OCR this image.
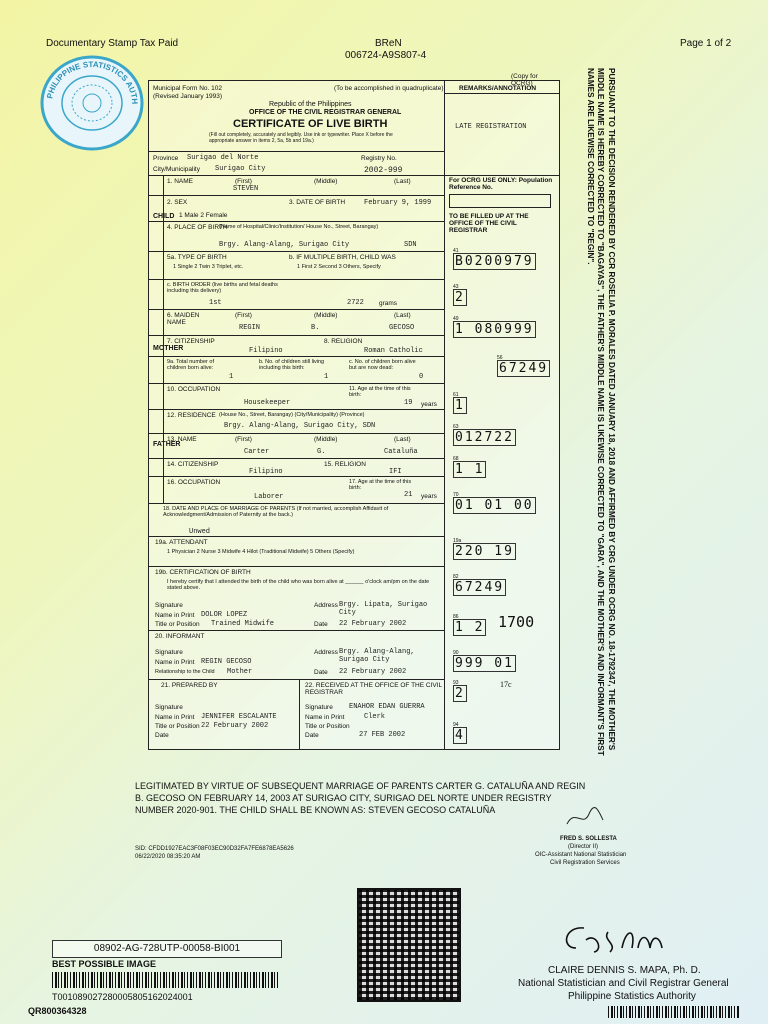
Documentary Stamp Tax Paid	BReN
006724-A9S807-4
Page 1 of 2
PHILIPPINE STATISTICS AUTH
Municipal Form No. 102
(Revised January 1993)
(To be accomplished in quadruplicate)
(Copy for OCRG)
Republic of the Philippines
OFFICE OF THE CIVIL REGISTRAR GENERAL
CERTIFICATE OF LIVE BIRTH
(Fill out completely, accurately and legibly. Use ink or typewriter. Place X before the appropriate answer in items 2, 5a, 5b and 19a.)
REMARKS/ANNOTATION
LATE REGISTRATION
Province Surigao del Norte
City/Municipality Surigao City
Registry No.
2002-999
For OCRG USE ONLY: Population Reference No.
TO BE FILLED UP AT THE OFFICE OF THE CIVIL REGISTRAR
CHILD
1. NAME	(First)	(Middle)	(Last)
STEVEN
2. SEX
1 Male 2 Female
3. DATE OF BIRTH	February 9, 1999
4. PLACE OF BIRTH
(Name of Hospital/Clinic/Institution/ House No., Street, Barangay)
Brgy. Alang-Alang, Surigao City	SDN
5a. TYPE OF BIRTH
1 Single 2 Twin 3 Triplet, etc.
b. IF MULTIPLE BIRTH, CHILD WAS
1 First 2 Second 3 Others, Specify
c. BIRTH ORDER (live births and fetal deaths including this delivery)
1st	2722 grams
MOTHER
6. MAIDEN NAME
(First)	(Middle)	(Last)
REGIN	B.	GECOSO
7. CITIZENSHIP
Filipino
8. RELIGION
Roman Catholic
9a. Total number of children born alive:
1
b. No. of children still living including this birth:
1
c. No. of children born alive but are now dead:
0
10. OCCUPATION
Housekeeper
11. Age at the time of this birth:
19 years
12. RESIDENCE (House No., Street, Barangay) (City/Municipality) (Province)
Brgy. Alang-Alang, Surigao City, SDN
FATHER
13. NAME	(First)	(Middle)	(Last)
Carter	G.	Cataluña
14. CITIZENSHIP
Filipino
15. RELIGION
IFI
16. OCCUPATION
Laborer
17. Age at the time of this birth:
21 years
18. DATE AND PLACE OF MARRIAGE OF PARENTS (If not married, accomplish Affidavit of Acknowledgment/Admission of Paternity at the back.)
Unwed
19a. ATTENDANT
1 Physician 2 Nurse 3 Midwife 4 Hilot (Traditional Midwife) 5 Others (Specify)
19b. CERTIFICATION OF BIRTH
I hereby certify that I attended the birth of the child who was born alive at ______ o'clock am/pm on the date stated above.
Signature
Name in Print DOLOR LOPEZ
Title or Position Trained Midwife
Address Brgy. Lipata, Surigao City
Date 22 February 2002
20. INFORMANT
Signature
Name in Print REGIN GECOSO
Relationship to the Child Mother
Address Brgy. Alang-Alang, Surigao City
Date 22 February 2002
21. PREPARED BY
Signature
Name in Print JENNIFER ESCALANTE
Title or Position
Date
22 February 2002
22. RECEIVED AT THE OFFICE OF THE CIVIL REGISTRAR
Signature ENAHOR EDAN GUERRA
Name in Print	Clerk
Title or Position
Date	27 FEB 2002
41
B0200979
43
2
49
1 080999
56
67249
61
1
63
012722
68
1 1
70
01 01 00
19a
220 19
82
67249
86
1 2
90
999 01
93
2
94
4
1700
17c	PURSUANT TO THE DECISION RENDERED BY CCR ROSELIA P. MORALES DATED JANUARY 18, 2018 AND AFFIRMED BY CRG UNDER OCRG NO. 18-1792347, THE MOTHER'S MIDDLE NAME IS HEREBY CORRECTED TO "BAGAYAS", THE FATHER'S MIDDLE NAME IS LIKEWISE CORRECTED TO "GARA", AND THE MOTHER'S AND INFORMANT'S FIRST NAMES ARE LIKEWISE CORRECTED TO "REGIN".
LEGITIMATED BY VIRTUE OF SUBSEQUENT MARRIAGE OF PARENTS CARTER G. CATALUÑA AND REGIN B. GECOSO ON FEBRUARY 14, 2003 AT SURIGAO CITY, SURIGAO DEL NORTE UNDER REGISTRY NUMBER 2020-901. THE CHILD SHALL BE KNOWN AS: STEVEN GECOSO CATALUÑA
SID: CFDD1927EAC3F08F03EC90D32FA7FE6878EA5626
06/22/2020 08:35:20 AM
FRED S. SOLLESTA
(Director II)
OIC-Assistant National Statistician
Civil Registration Services
08902-AG-728UTP-00058-BI001
BEST POSSIBLE IMAGE
T001089027280005805162024001
QR800364328
CLAIRE DENNIS S. MAPA, Ph. D.
National Statistician and Civil Registrar General
Philippine Statistics Authority
